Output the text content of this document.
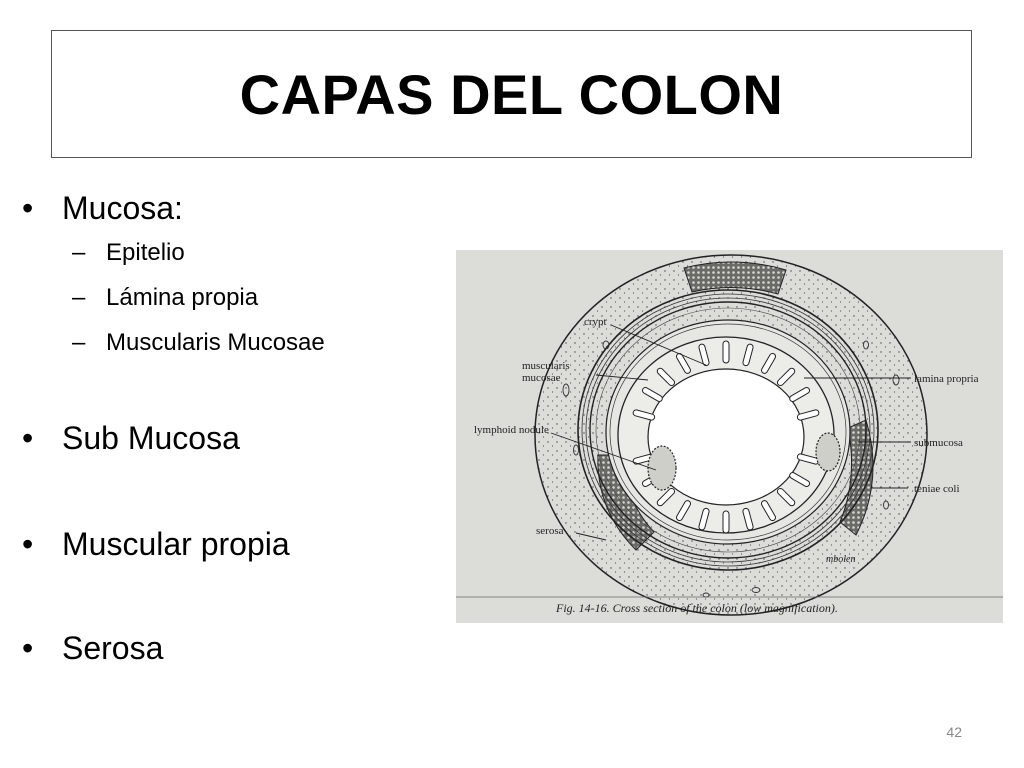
CAPAS DEL COLON
• Mucosa:
– Epitelio
– Lámina propia
– Muscularis Mucosae
• Sub Mucosa
• Muscular propia
• Serosa
crypt
muscularis
mucosae
lymphoid nodule
serosa
lamina propria
submucosa
teniae coli
mbolen
Fig. 14-16. Cross section of the colon (low magnification).
42
